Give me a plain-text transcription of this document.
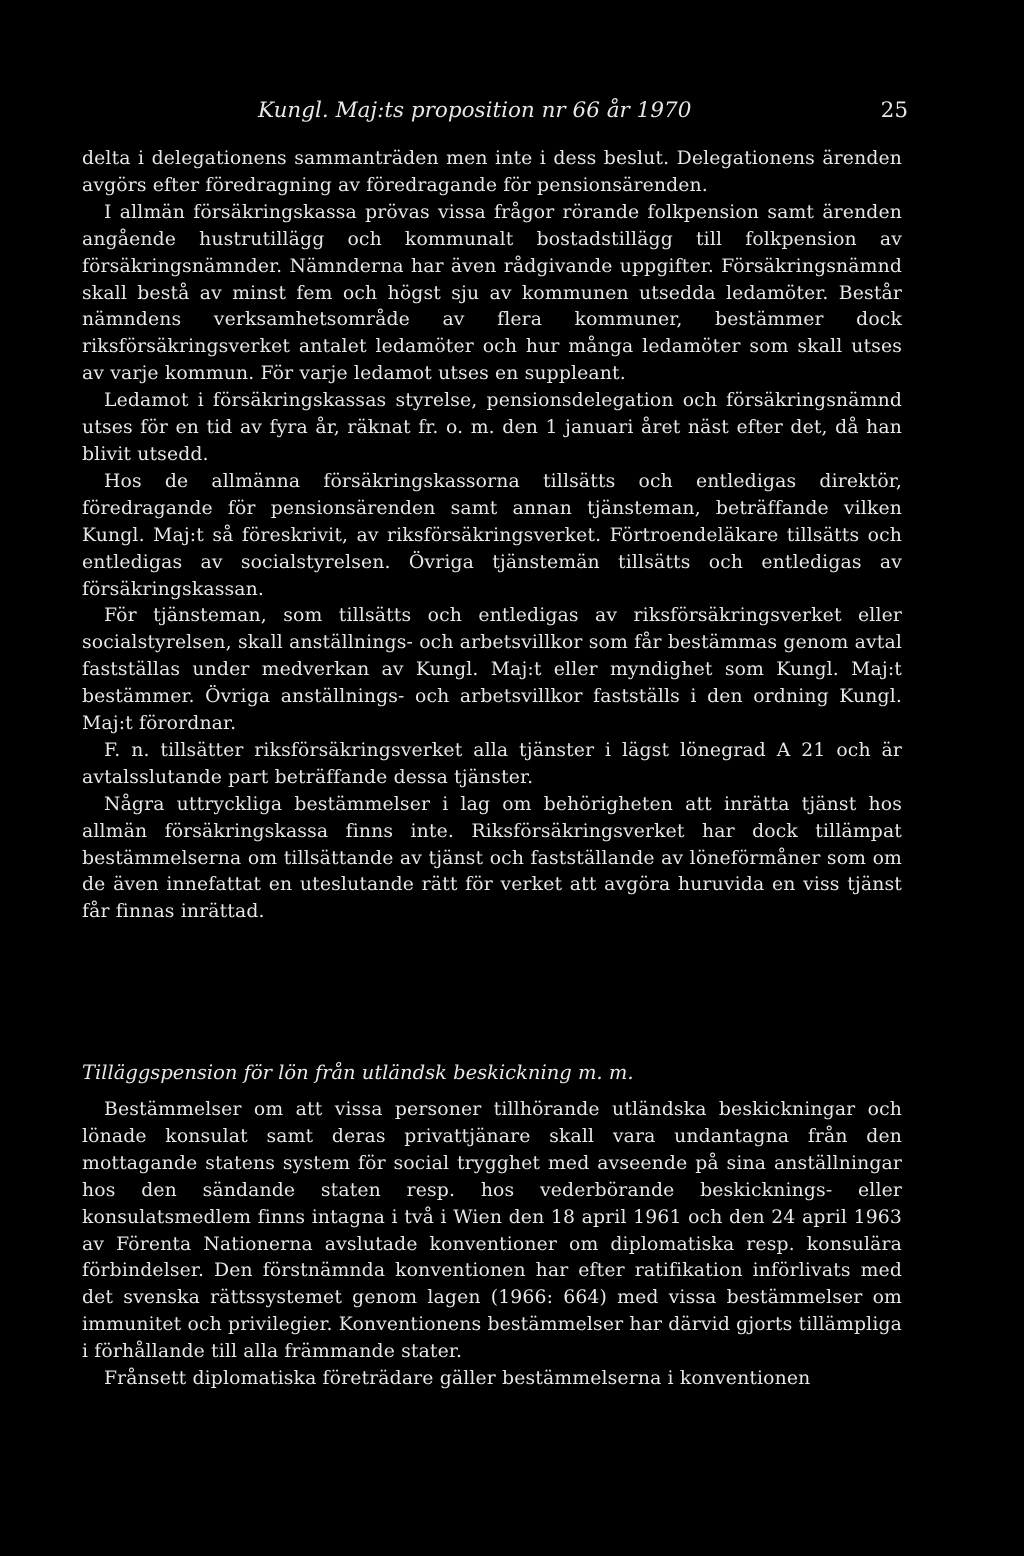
Kungl. Maj:ts proposition nr 66 år 1970	25

delta i delegationens sammanträden men inte i dess beslut. Delegationens ärenden avgörs efter föredragning av föredragande för pensionsärenden.

I allmän försäkringskassa prövas vissa frågor rörande folkpension samt ärenden angående hustrutillägg och kommunalt bostadstillägg till folkpension av försäkringsnämnder. Nämnderna har även rådgivande uppgifter. Försäkringsnämnd skall bestå av minst fem och högst sju av kommunen utsedda ledamöter. Består nämndens verksamhetsområde av flera kommuner, bestämmer dock riksförsäkringsverket antalet ledamöter och hur många ledamöter som skall utses av varje kommun. För varje ledamot utses en suppleant.

Ledamot i försäkringskassas styrelse, pensionsdelegation och försäkringsnämnd utses för en tid av fyra år, räknat fr. o. m. den 1 januari året näst efter det, då han blivit utsedd.

Hos de allmänna försäkringskassorna tillsätts och entledigas direktör, föredragande för pensionsärenden samt annan tjänsteman, beträffande vilken Kungl. Maj:t så föreskrivit, av riksförsäkringsverket. Förtroendeläkare tillsätts och entledigas av socialstyrelsen. Övriga tjänstemän tillsätts och entledigas av försäkringskassan.

För tjänsteman, som tillsätts och entledigas av riksförsäkringsverket eller socialstyrelsen, skall anställnings- och arbetsvillkor som får bestämmas genom avtal fastställas under medverkan av Kungl. Maj:t eller myndighet som Kungl. Maj:t bestämmer. Övriga anställnings- och arbetsvillkor fastställs i den ordning Kungl. Maj:t förordnar.

F. n. tillsätter riksförsäkringsverket alla tjänster i lägst lönegrad A 21 och är avtalsslutande part beträffande dessa tjänster.

Några uttryckliga bestämmelser i lag om behörigheten att inrätta tjänst hos allmän försäkringskassa finns inte. Riksförsäkringsverket har dock tillämpat bestämmelserna om tillsättande av tjänst och fastställande av löneförmåner som om de även innefattat en uteslutande rätt för verket att avgöra huruvida en viss tjänst får finnas inrättad.

Tilläggspension för lön från utländsk beskickning m. m.

Bestämmelser om att vissa personer tillhörande utländska beskickningar och lönade konsulat samt deras privattjänare skall vara undantagna från den mottagande statens system för social trygghet med avseende på sina anställningar hos den sändande staten resp. hos vederbörande beskicknings- eller konsulatsmedlem finns intagna i två i Wien den 18 april 1961 och den 24 april 1963 av Förenta Nationerna avslutade konventioner om diplomatiska resp. konsulära förbindelser. Den förstnämnda konventionen har efter ratifikation införlivats med det svenska rättssystemet genom lagen (1966: 664) med vissa bestämmelser om immunitet och privilegier. Konventionens bestämmelser har därvid gjorts tillämpliga i förhållande till alla främmande stater.

Frånsett diplomatiska företrädare gäller bestämmelserna i konventionen
